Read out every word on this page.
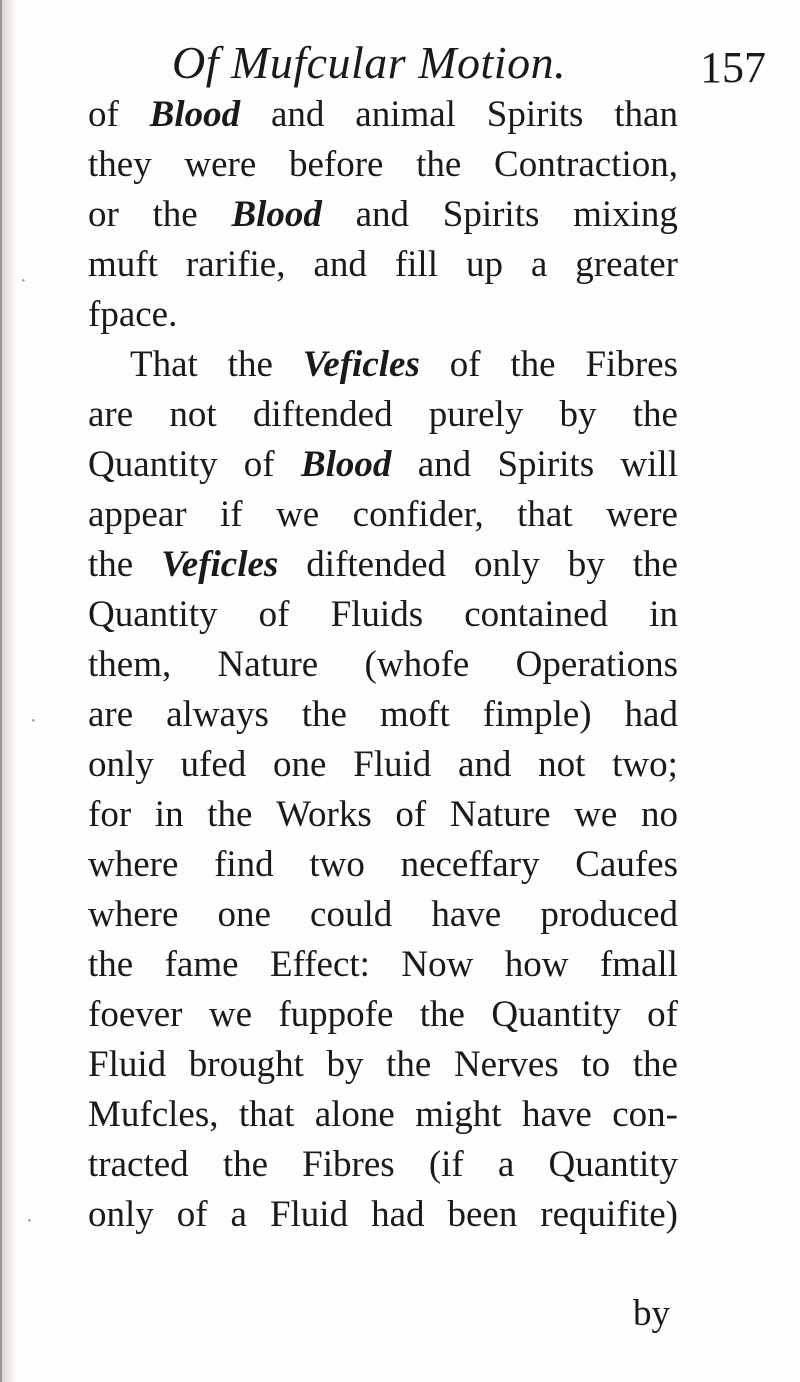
Of Mufcular Motion.	157
of Blood and animal Spirits than
they were before the Contraction,
or the Blood and Spirits mixing
muft rarifie, and fill up a greater
fpace.
That the Veficles of the Fibres
are not diftended purely by the
Quantity of Blood and Spirits will
appear if we confider, that were
the Veficles diftended only by the
Quantity of Fluids contained in
them, Nature (whofe Operations
are always the moft fimple) had
only ufed one Fluid and not two;
for in the Works of Nature we no
where find two neceffary Caufes
where one could have produced
the fame Effect: Now how fmall
foever we fuppofe the Quantity of
Fluid brought by the Nerves to the
Mufcles, that alone might have con-
tracted the Fibres (if a Quantity
only of a Fluid had been requifite)
by
·
·
·
